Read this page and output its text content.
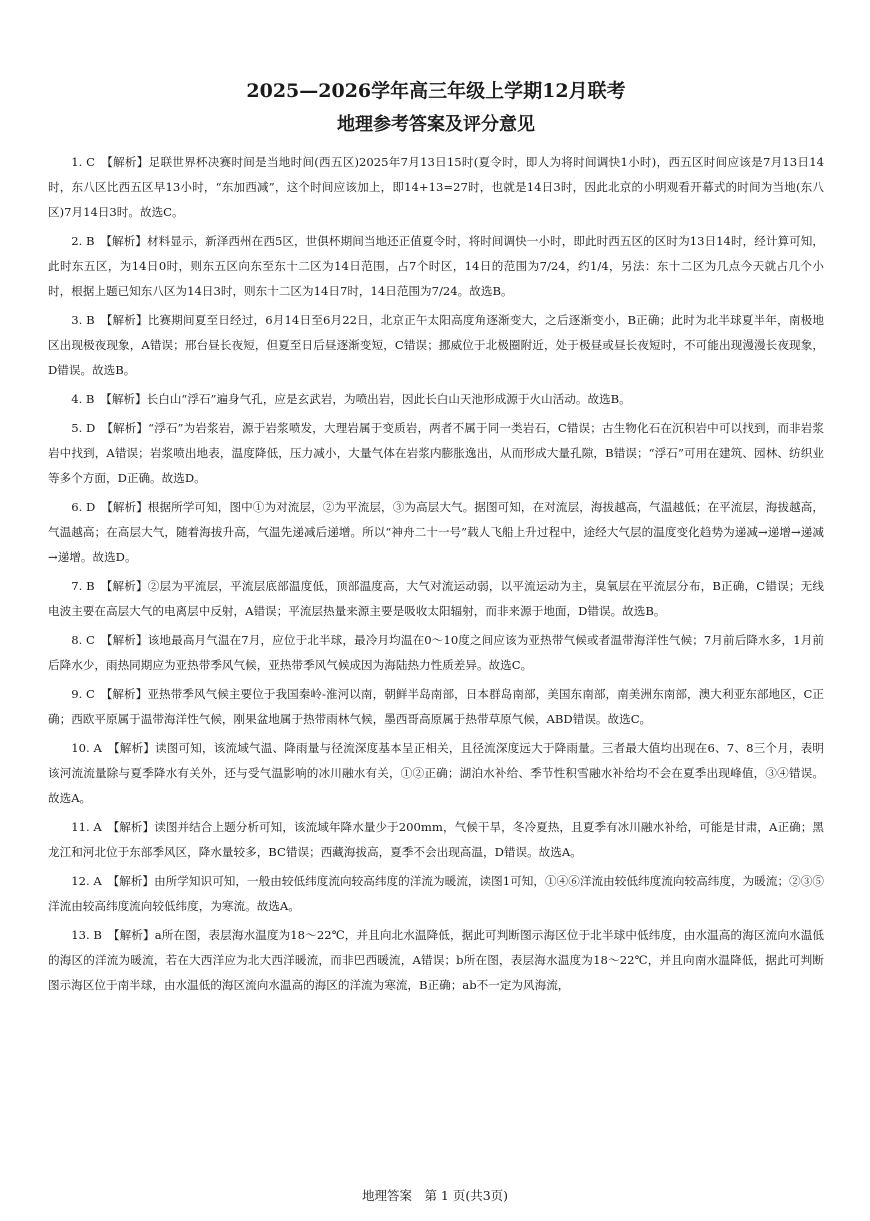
2025—2026学年高三年级上学期12月联考
地理参考答案及评分意见

1. C　【解析】足联世界杯决赛时间是当地时间(西五区)2025年7月13日15时(夏令时，即人为将时间调快1小时)，西五区时间应该是7月13日14时，东八区比西五区早13小时，“东加西减”，这个时间应该加上，即14+13=27时，也就是14日3时，因此北京的小明观看开幕式的时间为当地(东八区)7月14日3时。故选C。

2. B　【解析】材料显示，新泽西州在西5区，世俱杯期间当地还正值夏令时，将时间调快一小时，即此时西五区的区时为13日14时，经计算可知，此时东五区，为14日0时，则东五区向东至东十二区为14日范围，占7个时区，14日的范围为7/24，约1/4，另法：东十二区为几点今天就占几个小时，根据上题已知东八区为14日3时，则东十二区为14日7时，14日范围为7/24。故选B。

3. B　【解析】比赛期间夏至日经过，6月14日至6月22日，北京正午太阳高度角逐渐变大，之后逐渐变小，B正确；此时为北半球夏半年，南极地区出现极夜现象，A错误；邢台昼长夜短，但夏至日后昼逐渐变短，C错误；挪威位于北极圈附近，处于极昼或昼长夜短时，不可能出现漫漫长夜现象，D错误。故选B。

4. B　【解析】长白山“浮石”遍身气孔，应是玄武岩，为喷出岩，因此长白山天池形成源于火山活动。故选B。

5. D　【解析】“浮石”为岩浆岩，源于岩浆喷发，大理岩属于变质岩，两者不属于同一类岩石，C错误；古生物化石在沉积岩中可以找到，而非岩浆岩中找到，A错误；岩浆喷出地表，温度降低，压力减小，大量气体在岩浆内膨胀逸出，从而形成大量孔隙，B错误；“浮石”可用在建筑、园林、纺织业等多个方面，D正确。故选D。

6. D　【解析】根据所学可知，图中①为对流层，②为平流层，③为高层大气。据图可知，在对流层，海拔越高，气温越低；在平流层，海拔越高，气温越高；在高层大气，随着海拔升高，气温先递减后递增。所以“神舟二十一号”载人飞船上升过程中，途经大气层的温度变化趋势为递减→递增→递减→递增。故选D。

7. B　【解析】②层为平流层，平流层底部温度低，顶部温度高，大气对流运动弱，以平流运动为主，臭氧层在平流层分布，B正确，C错误；无线电波主要在高层大气的电离层中反射，A错误；平流层热量来源主要是吸收太阳辐射，而非来源于地面，D错误。故选B。

8. C　【解析】该地最高月气温在7月，应位于北半球，最冷月均温在0～10度之间应该为亚热带气候或者温带海洋性气候；7月前后降水多，1月前后降水少，雨热同期应为亚热带季风气候，亚热带季风气候成因为海陆热力性质差异。故选C。

9. C　【解析】亚热带季风气候主要位于我国秦岭-淮河以南，朝鲜半岛南部，日本群岛南部，美国东南部，南美洲东南部，澳大利亚东部地区，C正确；西欧平原属于温带海洋性气候，刚果盆地属于热带雨林气候，墨西哥高原属于热带草原气候，ABD错误。故选C。

10. A　【解析】读图可知，该流域气温、降雨量与径流深度基本呈正相关，且径流深度远大于降雨量。三者最大值均出现在6、7、8三个月，表明该河流流量除与夏季降水有关外，还与受气温影响的冰川融水有关，①②正确；湖泊水补给、季节性积雪融水补给均不会在夏季出现峰值，③④错误。故选A。

11. A　【解析】读图并结合上题分析可知，该流域年降水量少于200mm，气候干旱，冬冷夏热，且夏季有冰川融水补给，可能是甘肃，A正确；黑龙江和河北位于东部季风区，降水量较多，BC错误；西藏海拔高，夏季不会出现高温，D错误。故选A。

12. A　【解析】由所学知识可知，一般由较低纬度流向较高纬度的洋流为暖流，读图1可知，①④⑥洋流由较低纬度流向较高纬度，为暖流；②③⑤洋流由较高纬度流向较低纬度，为寒流。故选A。

13. B　【解析】a所在图，表层海水温度为18～22℃，并且向北水温降低，据此可判断图示海区位于北半球中低纬度，由水温高的海区流向水温低的海区的洋流为暖流，若在大西洋应为北大西洋暖流，而非巴西暖流，A错误；b所在图，表层海水温度为18～22℃，并且向南水温降低，据此可判断图示海区位于南半球，由水温低的海区流向水温高的海区的洋流为寒流，B正确；ab不一定为风海流，

地理答案　第 1 页(共3页)
